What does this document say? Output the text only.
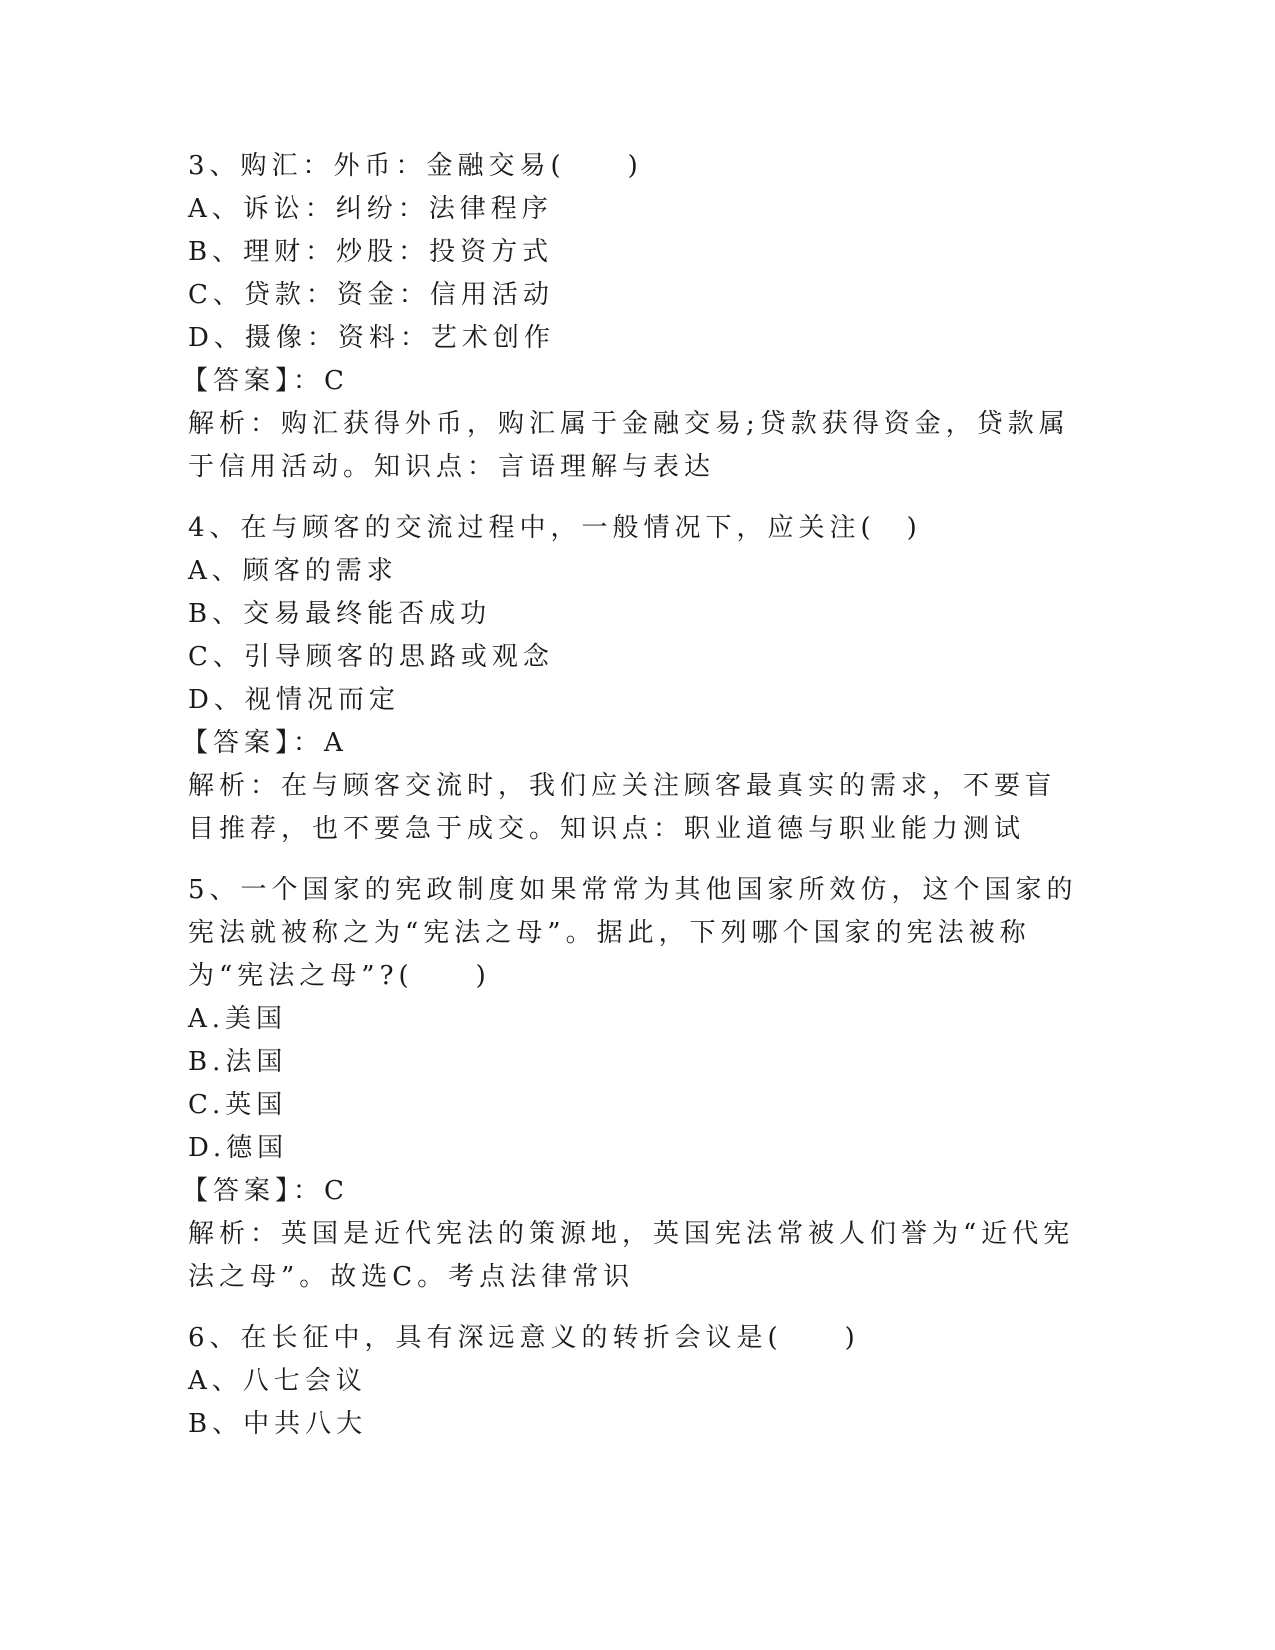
3、购汇：外币：金融交易(　　)
A、诉讼：纠纷：法律程序
B、理财：炒股：投资方式
C、贷款：资金：信用活动
D、摄像：资料：艺术创作
【答案】：C
解析：购汇获得外币，购汇属于金融交易;贷款获得资金，贷款属于信用活动。知识点：言语理解与表达
4、在与顾客的交流过程中，一般情况下，应关注(　)
A、顾客的需求
B、交易最终能否成功
C、引导顾客的思路或观念
D、视情况而定
【答案】：A
解析：在与顾客交流时，我们应关注顾客最真实的需求，不要盲目推荐，也不要急于成交。知识点：职业道德与职业能力测试
5、一个国家的宪政制度如果常常为其他国家所效仿，这个国家的宪法就被称之为“宪法之母”。据此，下列哪个国家的宪法被称为“宪法之母”?(　　)
A.美国
B.法国
C.英国
D.德国
【答案】：C
解析：英国是近代宪法的策源地，英国宪法常被人们誉为“近代宪法之母”。故选C。考点法律常识
6、在长征中，具有深远意义的转折会议是(　　)
A、八七会议
B、中共八大
